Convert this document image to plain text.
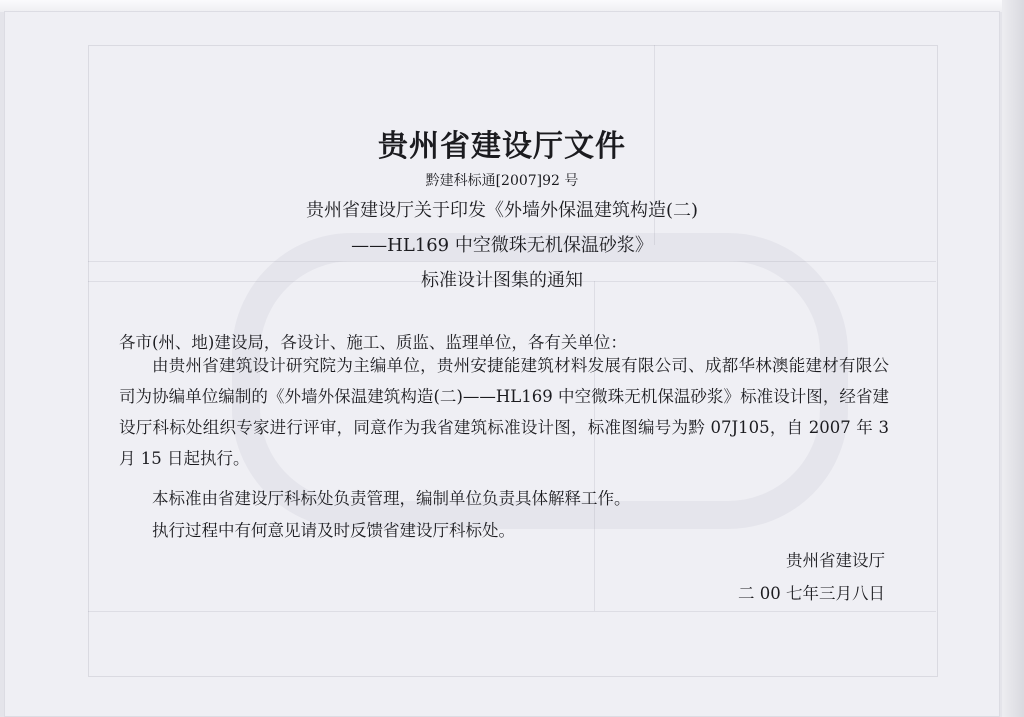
贵州省建设厅文件
黔建科标通[2007]92 号
贵州省建设厅关于印发《外墙外保温建筑构造(二)
——HL169 中空微珠无机保温砂浆》
标准设计图集的通知
各市(州、地)建设局，各设计、施工、质监、监理单位，各有关单位：
由贵州省建筑设计研究院为主编单位，贵州安捷能建筑材料发展有限公司、成都华林澳能建材有限公司为协编单位编制的《外墙外保温建筑构造(二)——HL169 中空微珠无机保温砂浆》标准设计图，经省建设厅科标处组织专家进行评审，同意作为我省建筑标准设计图，标准图编号为黔 07J105，自 2007 年 3 月 15 日起执行。
本标准由省建设厅科标处负责管理，编制单位负责具体解释工作。
执行过程中有何意见请及时反馈省建设厅科标处。
贵州省建设厅
二 00 七年三月八日
